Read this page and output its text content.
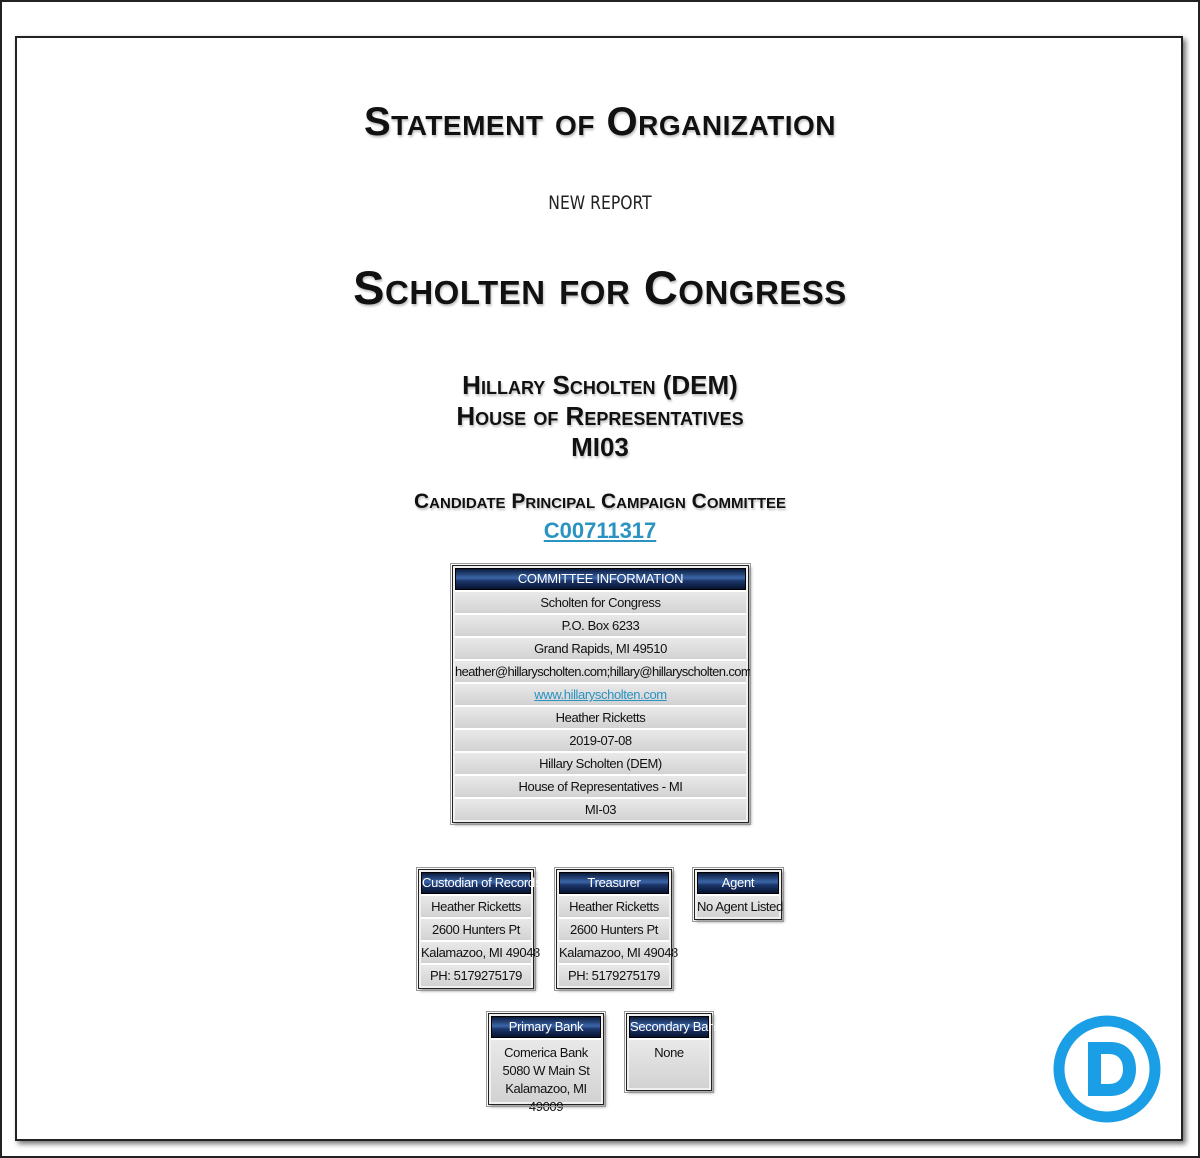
Statement of Organization
NEW REPORT
Scholten for Congress
Hillary Scholten (DEM)
House of Representatives
MI03
Candidate Principal Campaign Committee
C00711317
COMMITTEE INFORMATION
Scholten for Congress
P.O. Box 6233
Grand Rapids, MI 49510
heather@hillaryscholten.com;hillary@hillaryscholten.com
www.hillaryscholten.com
Heather Ricketts
2019-07-08
Hillary Scholten (DEM)
House of Representatives - MI
MI-03
Custodian of Records
Heather Ricketts
2600 Hunters Pt
Kalamazoo, MI 49048
PH: 5179275179
Treasurer
Heather Ricketts
2600 Hunters Pt
Kalamazoo, MI 49048
PH: 5179275179
Agent
No Agent Listed
Primary Bank
Comerica Bank
5080 W Main St
Kalamazoo, MI 49009
Secondary Bank
None
